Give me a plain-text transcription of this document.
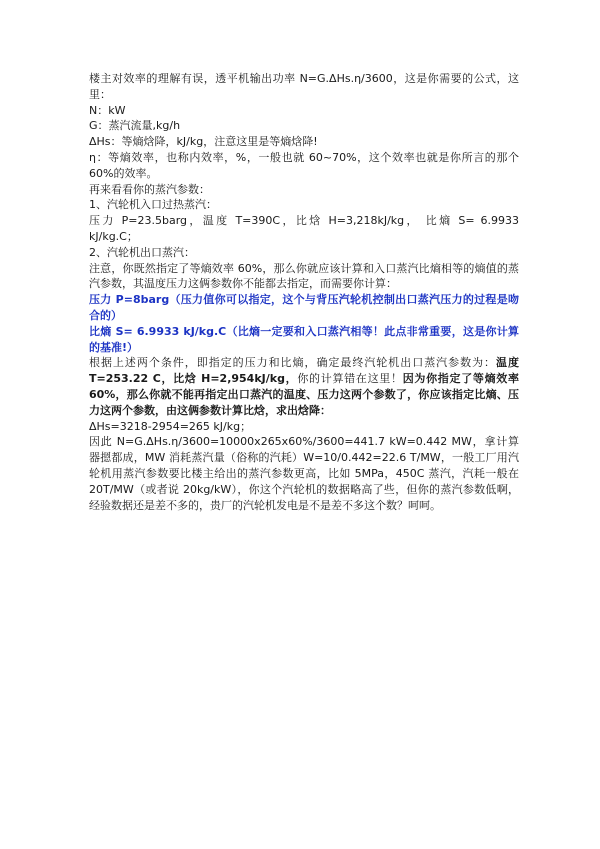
楼主对效率的理解有误，透平机输出功率 N=G.ΔHs.η/3600，这是你需要的公式，这里：

N：kW

G：蒸汽流量,kg/h

ΔHs：等熵焓降，kJ/kg，注意这里是等熵焓降!

η：等熵效率，也称内效率，%，一般也就 60~70%，这个效率也就是你所言的那个 60%的效率。

再来看看你的蒸汽参数：

1、汽轮机入口过热蒸汽：

压力 P=23.5barg，温度 T=390C，比焓 H=3,218kJ/kg， 比熵 S= 6.9933 kJ/kg.C；

2、汽轮机出口蒸汽：

注意，你既然指定了等熵效率 60%，那么你就应该计算和入口蒸汽比熵相等的熵值的蒸汽参数，其温度压力这俩参数你不能都去指定，而需要你计算：

压力 P=8barg（压力值你可以指定，这个与背压汽轮机控制出口蒸汽压力的过程是吻合的）

比熵 S= 6.9933 kJ/kg.C（比熵一定要和入口蒸汽相等！此点非常重要，这是你计算的基准!）

根据上述两个条件，即指定的压力和比熵，确定最终汽轮机出口蒸汽参数为：温度 T=253.22 C，比焓 H=2,954kJ/kg，你的计算错在这里！因为你指定了等熵效率 60%，那么你就不能再指定出口蒸汽的温度、压力这两个参数了，你应该指定比熵、压力这两个参数，由这俩参数计算比焓，求出焓降：

ΔHs=3218-2954=265 kJ/kg；

因此 N=G.ΔHs.η/3600=10000x265x60%/3600=441.7 kW=0.442 MW，拿计算器摁都成，MW 消耗蒸汽量（俗称的汽耗）W=10/0.442=22.6 T/MW，一般工厂用汽轮机用蒸汽参数要比楼主给出的蒸汽参数更高，比如 5MPa，450C 蒸汽，汽耗一般在 20T/MW（或者说 20kg/kW），你这个汽轮机的数据略高了些，但你的蒸汽参数低啊，经验数据还是差不多的，贵厂的汽轮机发电是不是差不多这个数？呵呵。
